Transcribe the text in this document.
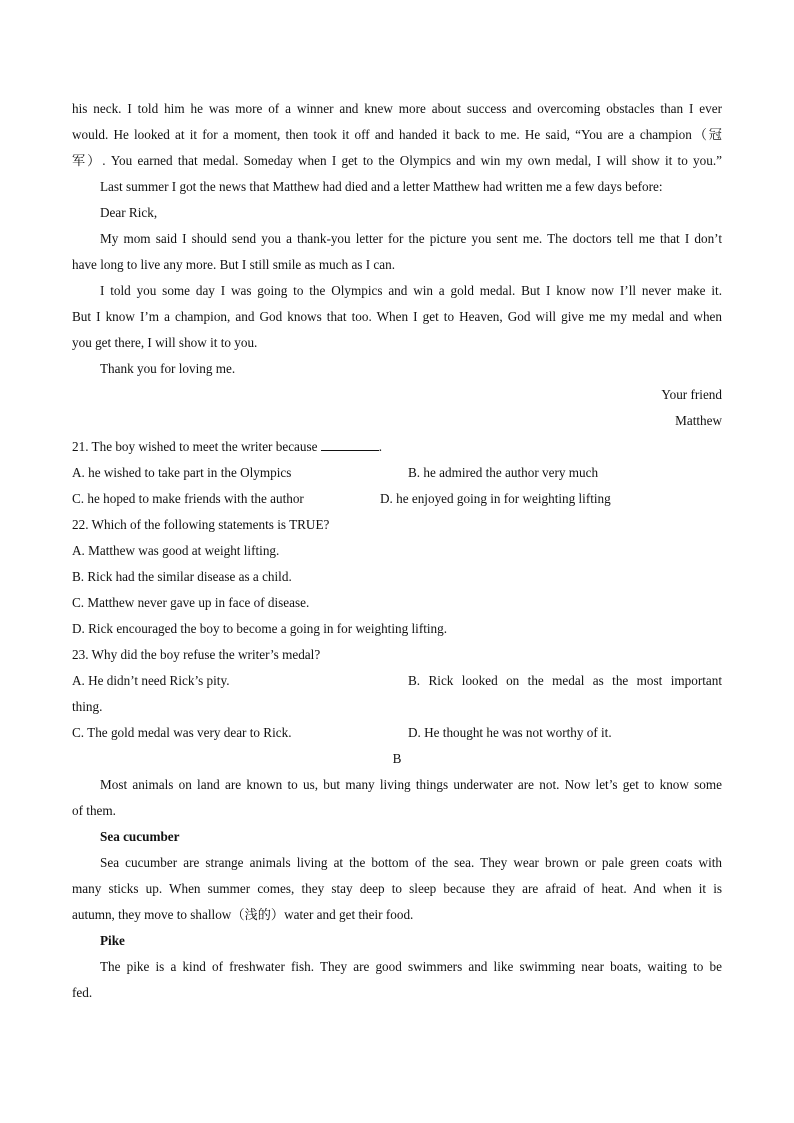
his neck. I told him he was more of a winner and knew more about success and overcoming obstacles than I ever
would. He looked at it for a moment, then took it off and handed it back to me. He said, “You are a champion（冠
军）. You earned that medal. Someday when I get to the Olympics and win my own medal, I will show it to you.”
Last summer I got the news that Matthew had died and a letter Matthew had written me a few days before:
Dear Rick,
My mom said I should send you a thank-you letter for the picture you sent me. The doctors tell me that I don’t
have long to live any more. But I still smile as much as I can.
I told you some day I was going to the Olympics and win a gold medal. But I know now I’ll never make it.
But I know I’m a champion, and God knows that too. When I get to Heaven, God will give me my medal and when
you get there, I will show it to you.
Thank you for loving me.
Your friend
Matthew
21. The boy wished to meet the writer because	.
A. he wished to take part in the Olympics	B. he admired the author very much
C. he hoped to make friends with the author	D. he enjoyed going in for weighting lifting
22. Which of the following statements is TRUE?
A. Matthew was good at weight lifting.
B. Rick had the similar disease as a child.
C. Matthew never gave up in face of disease.
D. Rick encouraged the boy to become a going in for weighting lifting.
23. Why did the boy refuse the writer’s medal?
A. He didn’t need Rick’s pity.	B. Rick looked on the medal as the most important
thing.
C. The gold medal was very dear to Rick.	D. He thought he was not worthy of it.
B
Most animals on land are known to us, but many living things underwater are not. Now let’s get to know some
of them.
Sea cucumber
Sea cucumber are strange animals living at the bottom of the sea. They wear brown or pale green coats with
many sticks up. When summer comes, they stay deep to sleep because they are afraid of heat. And when it is
autumn, they move to shallow（浅的）water and get their food.
Pike
The pike is a kind of freshwater fish. They are good swimmers and like swimming near boats, waiting to be
fed.
